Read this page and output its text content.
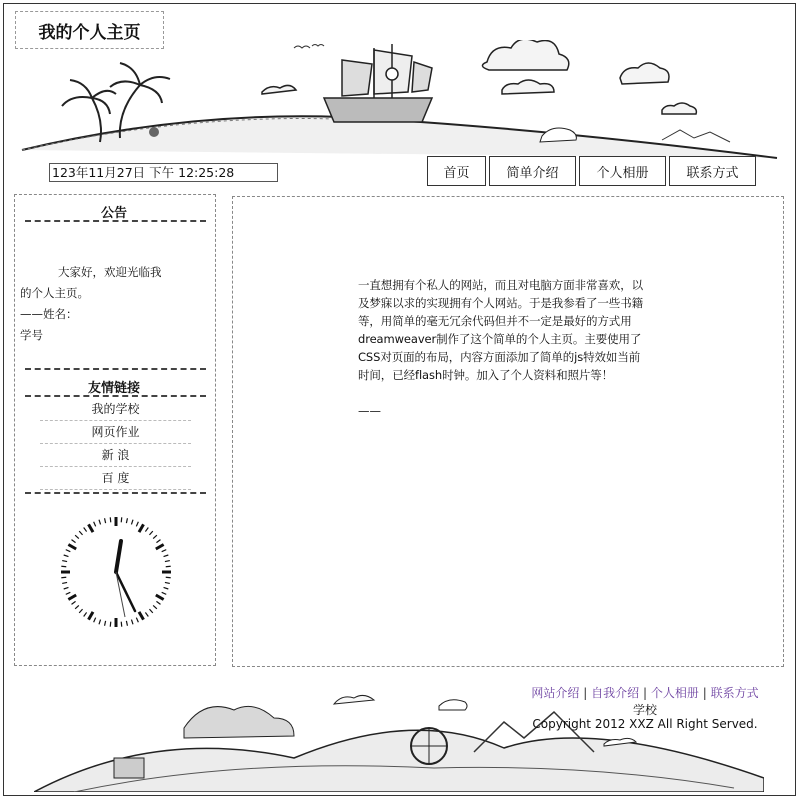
我的个人主页
123年11月27日 下午 12:25:28	首页	简单介绍	个人相册	联系方式
公告
大家好，欢迎光临我
的个人主页。
——姓名：
学号
友情链接
我的学校
网页作业
新 浪
百 度
一直想拥有个私人的网站，而且对电脑方面非常喜欢，以
及梦寐以求的实现拥有个人网站。于是我参看了一些书籍
等，用简单的毫无冗余代码但并不一定是最好的方式用
dreamweaver制作了这个简单的个人主页。主要使用了
CSS对页面的布局，内容方面添加了简单的js特效如当前
时间，已经flash时钟。加入了个人资料和照片等！
——
网站介绍 | 自我介绍 | 个人相册 | 联系方式
学校
Copyright 2012 XXZ All Right Served.
